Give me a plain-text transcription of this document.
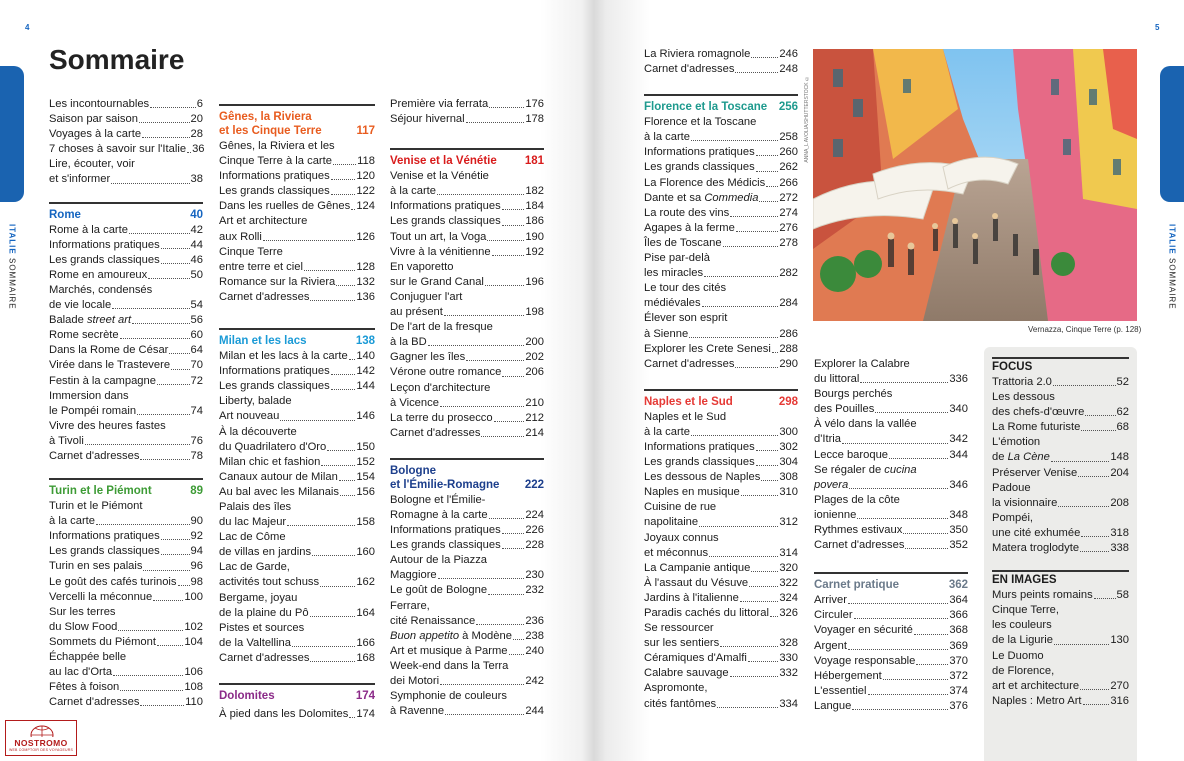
4	5
ITALIE SOMMAIRE
ITALIE SOMMAIRE
Sommaire
Les incontournables	6
Saison par saison	20
Voyages à la carte	28
7 choses à savoir sur l'Italie 36
Lire, écouter, voir
et s'informer	38
Rome	40
Rome à la carte	42
Informations pratiques	44
Les grands classiques	46
Rome en amoureux	50
Marchés, condensés
de vie locale	54
Balade street art	56
Rome secrète	60
Dans la Rome de César 64
Virée dans le Trastevere 70
Festin à la campagne	72
Immersion dans
le Pompéi romain	74
Vivre des heures fastes
à Tivoli	76
Carnet d'adresses	78
Turin et le Piémont	89
Turin et le Piémont
à la carte	90
Informations pratiques	92
Les grands classiques	94
Turin en ses palais	96
Le goût des cafés turinois 98
Vercelli la méconnue	100
Sur les terres
du Slow Food	102
Sommets du Piémont	104
Échappée belle
au lac d'Orta	106
Fêtes à foison	108
Carnet d'adresses	110
Gênes, la Riviera
et les Cinque Terre	117
Gênes, la Riviera et les
Cinque Terre à la carte 118
Informations pratiques 120
Les grands classiques 122
Dans les ruelles de Gênes 124
Art et architecture
aux Rolli	126
Cinque Terre
entre terre et ciel	128
Romance sur la Riviera 132
Carnet d'adresses	136
Milan et les lacs	138
Milan et les lacs à la carte 140
Informations pratiques 142
Les grands classiques 144
Liberty, balade
Art nouveau	146
À la découverte
du Quadrilatero d'Oro	150
Milan chic et fashion	152
Canaux autour de Milan 154
Au bal avec les Milanais 156
Palais des îles
du lac Majeur	158
Lac de Côme
de villas en jardins	160
Lac de Garde,
activités tout schuss	162
Bergame, joyau
de la plaine du Pô	164
Pistes et sources
de la Valtellina	166
Carnet d'adresses	168
Dolomites	174
À pied dans les Dolomites 174
Première via ferrata	176
Séjour hivernal	178
Venise et la Vénétie 181
Venise et la Vénétie
à la carte	182
Informations pratiques 184
Les grands classiques 186
Tout un art, la Voga	190
Vivre à la vénitienne	192
En vaporetto
sur le Grand Canal	196
Conjuguer l'art
au présent	198
De l'art de la fresque
à la BD	200
Gagner les îles	202
Vérone outre romance 206
Leçon d'architecture
à Vicence	210
La terre du prosecco	212
Carnet d'adresses	214
Bologne
et l'Émilie-Romagne 222
Bologne et l'Émilie-
Romagne à la carte	224
Informations pratiques 226
Les grands classiques 228
Autour de la Piazza
Maggiore	230
Le goût de Bologne	232
Ferrare,
cité Renaissance	236
Buon appetito à Modène 238
Art et musique à Parme 240
Week-end dans la Terra
dei Motori	242
Symphonie de couleurs
à Ravenne	244
La Riviera romagnole	246
Carnet d'adresses	248
Florence et la Toscane 256
Florence et la Toscane
à la carte	258
Informations pratiques 260
Les grands classiques 262
La Florence des Médicis 266
Dante et sa Commedia 272
La route des vins	274
Agapes à la ferme	276
Îles de Toscane	278
Pise par-delà
les miracles	282
Le tour des cités
médiévales	284
Élever son esprit
à Sienne	286
Explorer les Crete Senesi 288
Carnet d'adresses	290
Naples et le Sud	298
Naples et le Sud
à la carte	300
Informations pratiques 302
Les grands classiques 304
Les dessous de Naples 308
Naples en musique	310
Cuisine de rue
napolitaine	312
Joyaux connus
et méconnus	314
La Campanie antique	320
À l'assaut du Vésuve	322
Jardins à l'italienne	324
Paradis cachés du littoral 326
Se ressourcer
sur les sentiers	328
Céramiques d'Amalfi	330
Calabre sauvage	332
Aspromonte,
cités fantômes	334
Explorer la Calabre
du littoral	336
Bourgs perchés
des Pouilles	340
À vélo dans la vallée
d'Itria	342
Lecce baroque	344
Se régaler de cucina
povera	346
Plages de la côte
ionienne	348
Rythmes estivaux	350
Carnet d'adresses	352
Carnet pratique	362
Arriver	364
Circuler	366
Voyager en sécurité	368
Argent	369
Voyage responsable	370
Hébergement	372
L'essentiel	374
Langue	376
ANNA_L AVOLIA/SHUTTERSTOCK ©
Vernazza, Cinque Terre (p. 128)
FOCUS
Trattoria 2.0	52
Les dessous
des chefs-d'œuvre	62
La Rome futuriste	68
L'émotion
de La Cène	148
Préserver Venise	204
Padoue
la visionnaire	208
Pompéi,
une cité exhumée	318
Matera troglodyte	338
EN IMAGES
Murs peints romains 58
Cinque Terre,
les couleurs
de la Ligurie	130
Le Duomo
de Florence,
art et architecture	270
Naples : Metro Art	316
NOSTROMO
WEB COMPTOIR DES VOYAGEURS
